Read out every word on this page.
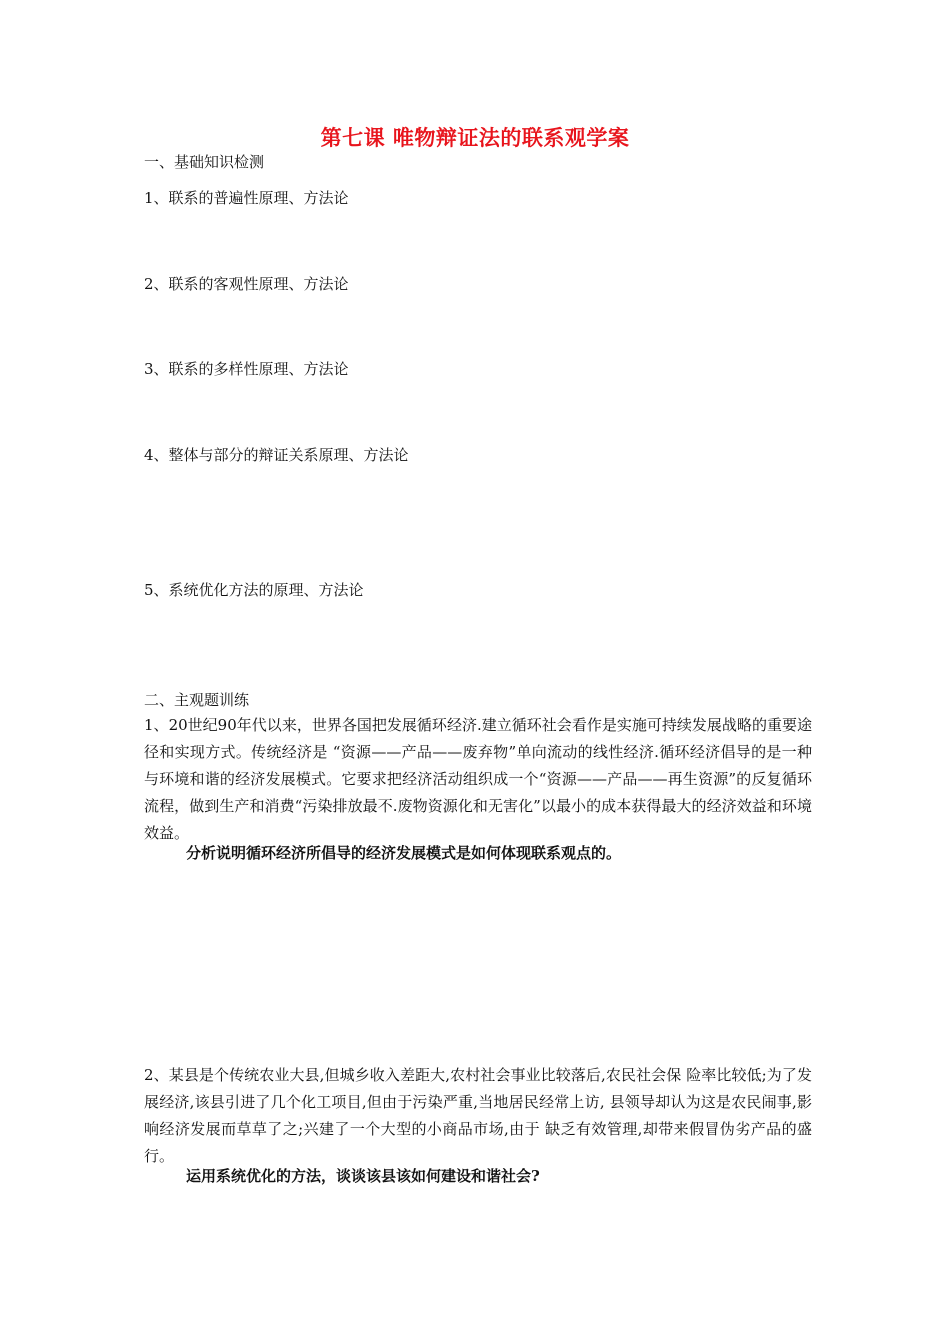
第七课 唯物辩证法的联系观学案
一、基础知识检测
1、联系的普遍性原理、方法论
2、联系的客观性原理、方法论
3、联系的多样性原理、方法论
4、整体与部分的辩证关系原理、方法论
5、系统优化方法的原理、方法论
二、主观题训练
1、20世纪90年代以来，世界各国把发展循环经济.建立循环社会看作是实施可持续发展战略的重要途径和实现方式。传统经济是 “资源——产品——废弃物”单向流动的线性经济.循环经济倡导的是一种与环境和谐的经济发展模式。它要求把经济活动组织成一个“资源——产品——再生资源”的反复循环流程，做到生产和消费“污染排放最不.废物资源化和无害化”以最小的成本获得最大的经济效益和环境效益。
分析说明循环经济所倡导的经济发展模式是如何体现联系观点的。
2、某县是个传统农业大县,但城乡收入差距大,农村社会事业比较落后,农民社会保 险率比较低;为了发展经济,该县引进了几个化工项目,但由于污染严重,当地居民经常上访, 县领导却认为这是农民闹事,影响经济发展而草草了之;兴建了一个大型的小商品市场,由于 缺乏有效管理,却带来假冒伪劣产品的盛行。
运用系统优化的方法，谈谈该县该如何建设和谐社会?
